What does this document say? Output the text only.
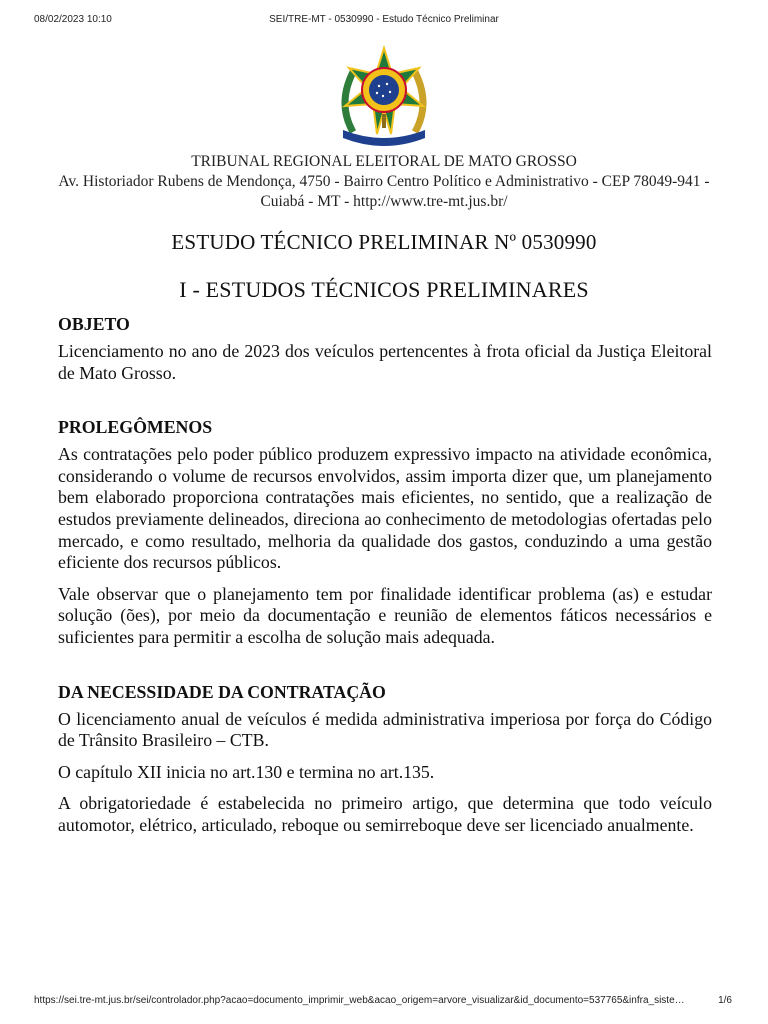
08/02/2023 10:10	SEI/TRE-MT - 0530990 - Estudo Técnico Preliminar
TRIBUNAL REGIONAL ELEITORAL DE MATO GROSSO
Av. Historiador Rubens de Mendonça, 4750 - Bairro Centro Político e Administrativo - CEP 78049-941 - Cuiabá - MT - http://www.tre-mt.jus.br/
ESTUDO TÉCNICO PRELIMINAR Nº 0530990
I - ESTUDOS TÉCNICOS PRELIMINARES
OBJETO

Licenciamento no ano de 2023 dos veículos pertencentes à frota oficial da Justiça Eleitoral de Mato Grosso.

PROLEGÔMENOS

As contratações pelo poder público produzem expressivo impacto na atividade econômica, considerando o volume de recursos envolvidos, assim importa dizer que, um planejamento bem elaborado proporciona contratações mais eficientes, no sentido, que a realização de estudos previamente delineados, direciona ao conhecimento de metodologias ofertadas pelo mercado, e como resultado, melhoria da qualidade dos gastos, conduzindo a uma gestão eficiente dos recursos públicos.

Vale observar que o planejamento tem por finalidade identificar problema (as) e estudar solução (ões), por meio da documentação e reunião de elementos fáticos necessários e suficientes para permitir a escolha de solução mais adequada.

DA NECESSIDADE DA CONTRATAÇÃO

O licenciamento anual de veículos é medida administrativa imperiosa por força do Código de Trânsito Brasileiro – CTB.

O capítulo XII inicia no art.130 e termina no art.135.

A obrigatoriedade é estabelecida no primeiro artigo, que determina que todo veículo automotor, elétrico, articulado, reboque ou semirreboque deve ser licenciado anualmente.

https://sei.tre-mt.jus.br/sei/controlador.php?acao=documento_imprimir_web&acao_origem=arvore_visualizar&id_documento=537765&infra_siste…	1/6
